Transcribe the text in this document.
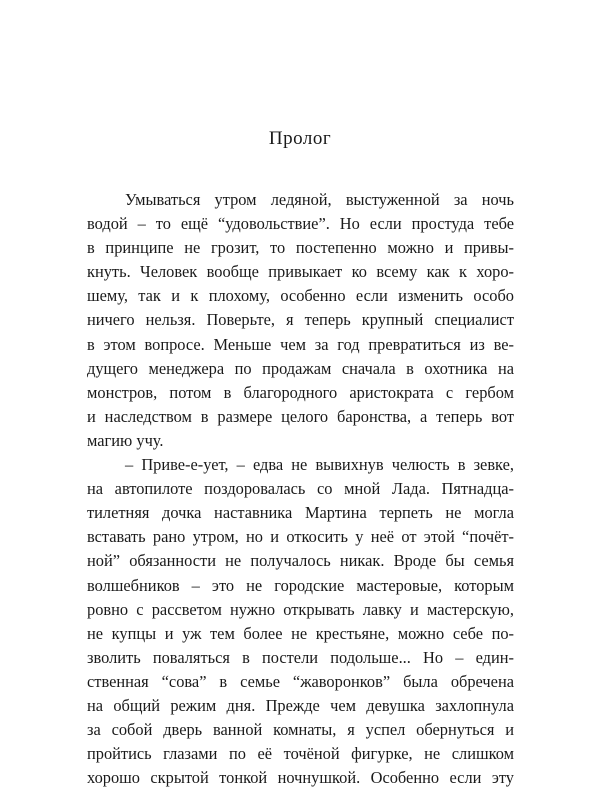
Пролог

Умываться утром ледяной, выстуженной за ночь
водой – то ещё “удовольствие”. Но если простуда тебе
в принципе не грозит, то постепенно можно и привы-
кнуть. Человек вообще привыкает ко всему как к хоро-
шему, так и к плохому, особенно если изменить особо
ничего нельзя. Поверьте, я теперь крупный специалист
в этом вопросе. Меньше чем за год превратиться из ве-
дущего менеджера по продажам сначала в охотника на
монстров, потом в благородного аристократа с гербом
и наследством в размере целого баронства, а теперь вот
магию учу.

– Приве-е-ует, – едва не вывихнув челюсть в зевке,
на автопилоте поздоровалась со мной Лада. Пятнадца-
тилетняя дочка наставника Мартина терпеть не могла
вставать рано утром, но и откосить у неё от этой “почёт-
ной” обязанности не получалось никак. Вроде бы семья
волшебников – это не городские мастеровые, которым
ровно с рассветом нужно открывать лавку и мастерскую,
не купцы и уж тем более не крестьяне, можно себе по-
зволить поваляться в постели подольше... Но – един-
ственная “сова” в семье “жаворонков” была обречена
на общий режим дня. Прежде чем девушка захлопнула
за собой дверь ванной комнаты, я успел обернуться и
пройтись глазами по её точёной фигурке, не слишком
хорошо скрытой тонкой ночнушкой. Особенно если эту
